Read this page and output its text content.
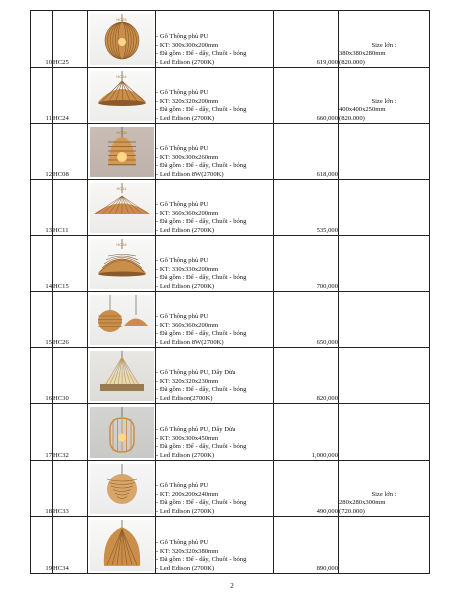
10	HC25	HC25	- Gỗ Thông phủ PU
- KT: 300x300x200mm
- Đã gồm : Đế - dây, Chuôi - bóng
- Led Edison (2700K)	619,000	Size lớn :
380x380x280mm
(820.000)

11	HC24	HC24	- Gỗ Thông phủ PU
- KT: 320x320x200mm
- Đã gồm : Đế - dây, Chuôi - bóng
- Led Edison (2700K)	660,000	Size lớn :
400x400x250mm
(820.000)

12	HC08	HC08	- Gỗ Thông phủ PU
- KT: 300x300x260mm
- Đã gồm : Đế - dây, Chuôi - bóng
- Led Edison 8W(2700K)	618,000	
13	HC11	HC11	- Gỗ Thông phủ PU
- KT: 360x360x200mm
- Đã gồm : Đế - dây, Chuôi - bóng
- Led Edison (2700K)	535,000	
14	HC15	HC15	- Gỗ Thông phủ PU
- KT: 330x330x200mm
- Đã gồm : Đế - dây, Chuôi - bóng
- Led Edison (2700K)	700,000	
15	HC26		- Gỗ Thông phủ PU
- KT: 360x360x200mm
- Đã gồm : Đế - dây, Chuôi - bóng
- Led Edison 8W(2700K)	650,000	
16	HC30		- Gỗ Thông phủ PU, Dây Dừa
- KT: 320x320x230mm
- Đã gồm : Đế - dây, Chuôi - bóng
- Led Edison(2700K)	820,000	
17	HC32		- Gỗ Thông phủ PU, Dây Dừa
- KT: 300x300x450mm
- Đã gồm : Đế - dây, Chuôi - bóng
- Led Edison (2700K)	1,000,000	
18	HC33		- Gỗ Thông phủ PU
- KT: 200x200x240mm
- Đã gồm : Đế - dây, Chuôi - bóng
- Led Edison (2700K)	490,000	Size lớn :
280x280x300mm
(720.000)

19	HC34		- Gỗ Thông phủ PU
- KT: 320x320x380mm
- Đã gồm : Đế - dây, Chuôi - bóng
- Led Edison (2700K)	890,000	
2
